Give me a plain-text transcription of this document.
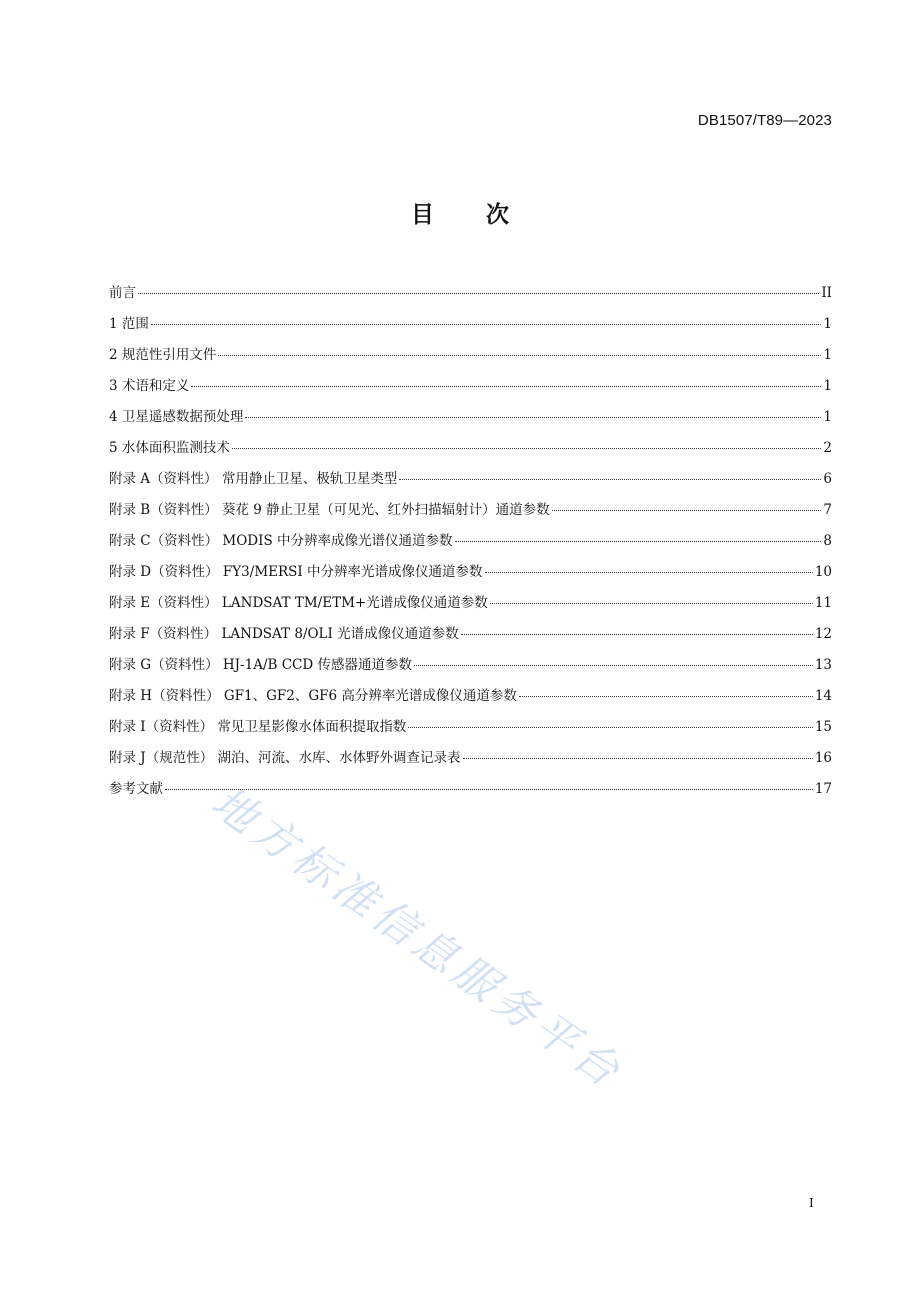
DB1507/T89—2023
目次
前言	II
1 范围	1
2 规范性引用文件	1
3 术语和定义	1
4 卫星遥感数据预处理	1
5 水体面积监测技术	2
附录 A（资料性） 常用静止卫星、极轨卫星类型	6
附录 B（资料性） 葵花 9 静止卫星（可见光、红外扫描辐射计）通道参数	7
附录 C（资料性） MODIS 中分辨率成像光谱仪通道参数	8
附录 D（资料性） FY3/MERSI 中分辨率光谱成像仪通道参数	10
附录 E（资料性） LANDSAT TM/ETM+光谱成像仪通道参数	11
附录 F（资料性） LANDSAT 8/OLI 光谱成像仪通道参数	12
附录 G（资料性） HJ-1A/B CCD 传感器通道参数	13
附录 H（资料性） GF1、GF2、GF6 高分辨率光谱成像仪通道参数	14
附录 I（资料性） 常见卫星影像水体面积提取指数	15
附录 J（规范性） 湖泊、河流、水库、水体野外调查记录表	16
参考文献	17
I
地方标准信息服务平台
